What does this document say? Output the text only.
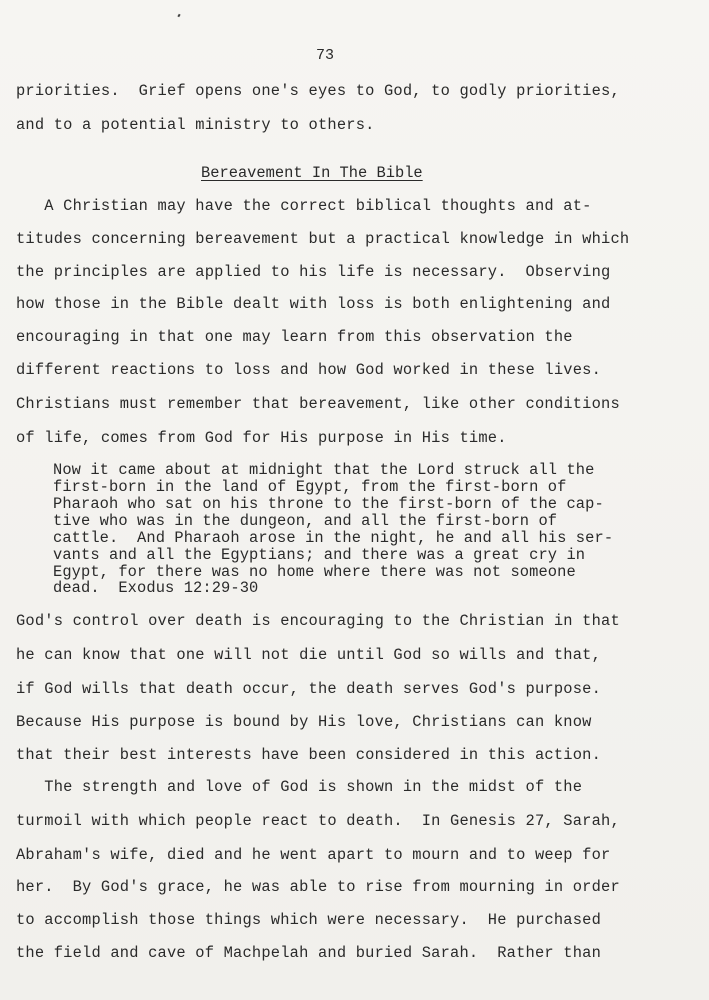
73
priorities.  Grief opens one's eyes to God, to godly priorities,
and to a potential ministry to others.
Bereavement In The Bible
A Christian may have the correct biblical thoughts and at-
titudes concerning bereavement but a practical knowledge in which
the principles are applied to his life is necessary.  Observing
how those in the Bible dealt with loss is both enlightening and
encouraging in that one may learn from this observation the
different reactions to loss and how God worked in these lives.
Christians must remember that bereavement, like other conditions
of life, comes from God for His purpose in His time.
Now it came about at midnight that the Lord struck all the
first-born in the land of Egypt, from the first-born of
Pharaoh who sat on his throne to the first-born of the cap-
tive who was in the dungeon, and all the first-born of
cattle.  And Pharaoh arose in the night, he and all his ser-
vants and all the Egyptians; and there was a great cry in
Egypt, for there was no home where there was not someone
dead.  Exodus 12:29-30
God's control over death is encouraging to the Christian in that
he can know that one will not die until God so wills and that,
if God wills that death occur, the death serves God's purpose.
Because His purpose is bound by His love, Christians can know
that their best interests have been considered in this action.
The strength and love of God is shown in the midst of the
turmoil with which people react to death.  In Genesis 27, Sarah,
Abraham's wife, died and he went apart to mourn and to weep for
her.  By God's grace, he was able to rise from mourning in order
to accomplish those things which were necessary.  He purchased
the field and cave of Machpelah and buried Sarah.  Rather than
